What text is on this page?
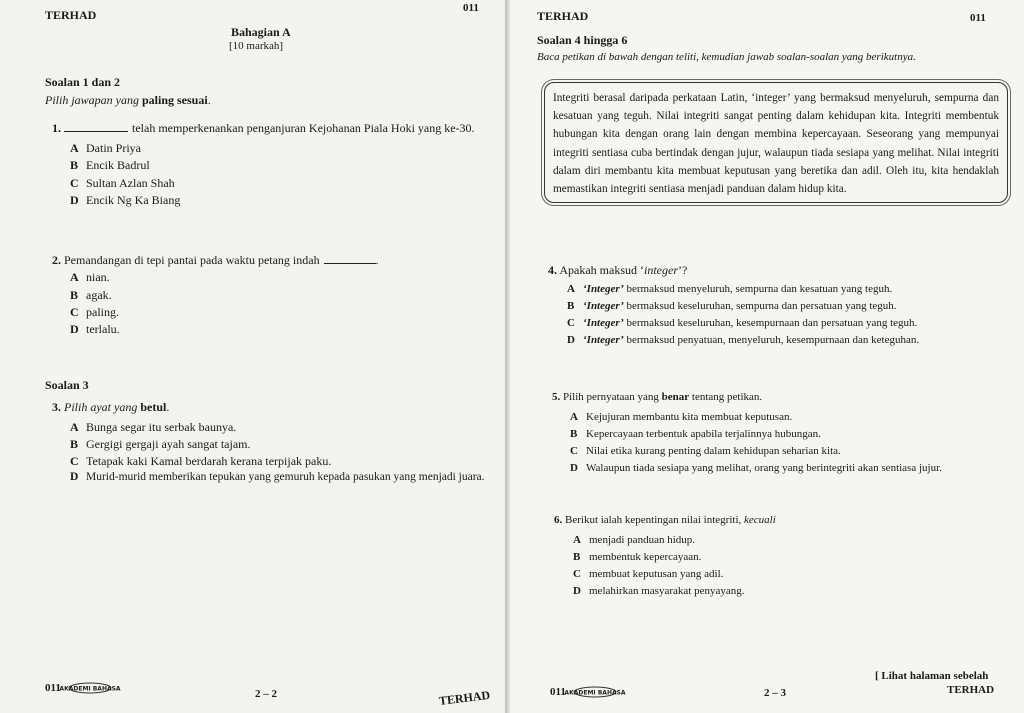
TERHAD	011
Bahagian A
[10 markah]
Soalan 1 dan 2
Pilih jawapan yang paling sesuai.
1.	telah memperkenankan penganjuran Kejohanan Piala Hoki yang ke-30.
A Datin Priya
B Encik Badrul
C Sultan Azlan Shah
D Encik Ng Ka Biang
2. Pemandangan di tepi pantai pada waktu petang indah	.
A nian.
B agak.
C paling.
D terlalu.
Soalan 3
3. Pilih ayat yang betul.
A Bunga segar itu serbak baunya.
B Gergigi gergaji ayah sangat tajam.
C Tetapak kaki Kamal berdarah kerana terpijak paku.
D Murid-murid memberikan tepukan yang gemuruh kepada pasukan yang menjadi juara.
011
AKADEMI BAHASA	2 – 2	TERHAD
TERHAD	011
Soalan 4 hingga 6
Baca petikan di bawah dengan teliti, kemudian jawab soalan-soalan yang berikutnya.

Integriti berasal daripada perkataan Latin, ‘integer’ yang bermaksud menyeluruh, sempurna dan kesatuan yang teguh. Nilai integriti sangat penting dalam kehidupan kita. Integriti membentuk hubungan kita dengan orang lain dengan membina kepercayaan. Seseorang yang mempunyai integriti sentiasa cuba bertindak dengan jujur, walaupun tiada sesiapa yang melihat. Nilai integriti dalam diri membantu kita membuat keputusan yang beretika dan adil. Oleh itu, kita hendaklah memastikan integriti sentiasa menjadi panduan dalam hidup kita.

4. Apakah maksud ‘integer’?
A ‘Integer’ bermaksud menyeluruh, sempurna dan kesatuan yang teguh.
B ‘Integer’ bermaksud keseluruhan, sempurna dan persatuan yang teguh.
C ‘Integer’ bermaksud keseluruhan, kesempurnaan dan persatuan yang teguh.
D ‘Integer’ bermaksud penyatuan, menyeluruh, kesempurnaan dan keteguhan.
5. Pilih pernyataan yang benar tentang petikan.
A Kejujuran membantu kita membuat keputusan.
B Kepercayaan terbentuk apabila terjalinnya hubungan.
C Nilai etika kurang penting dalam kehidupan seharian kita.
D Walaupun tiada sesiapa yang melihat, orang yang berintegriti akan sentiasa jujur.
6. Berikut ialah kepentingan nilai integriti, kecuali
A menjadi panduan hidup.
B membentuk kepercayaan.
C membuat keputusan yang adil.
D melahirkan masyarakat penyayang.
011
AKADEMI BAHASA	2 – 3
[ Lihat halaman sebelah
TERHAD
